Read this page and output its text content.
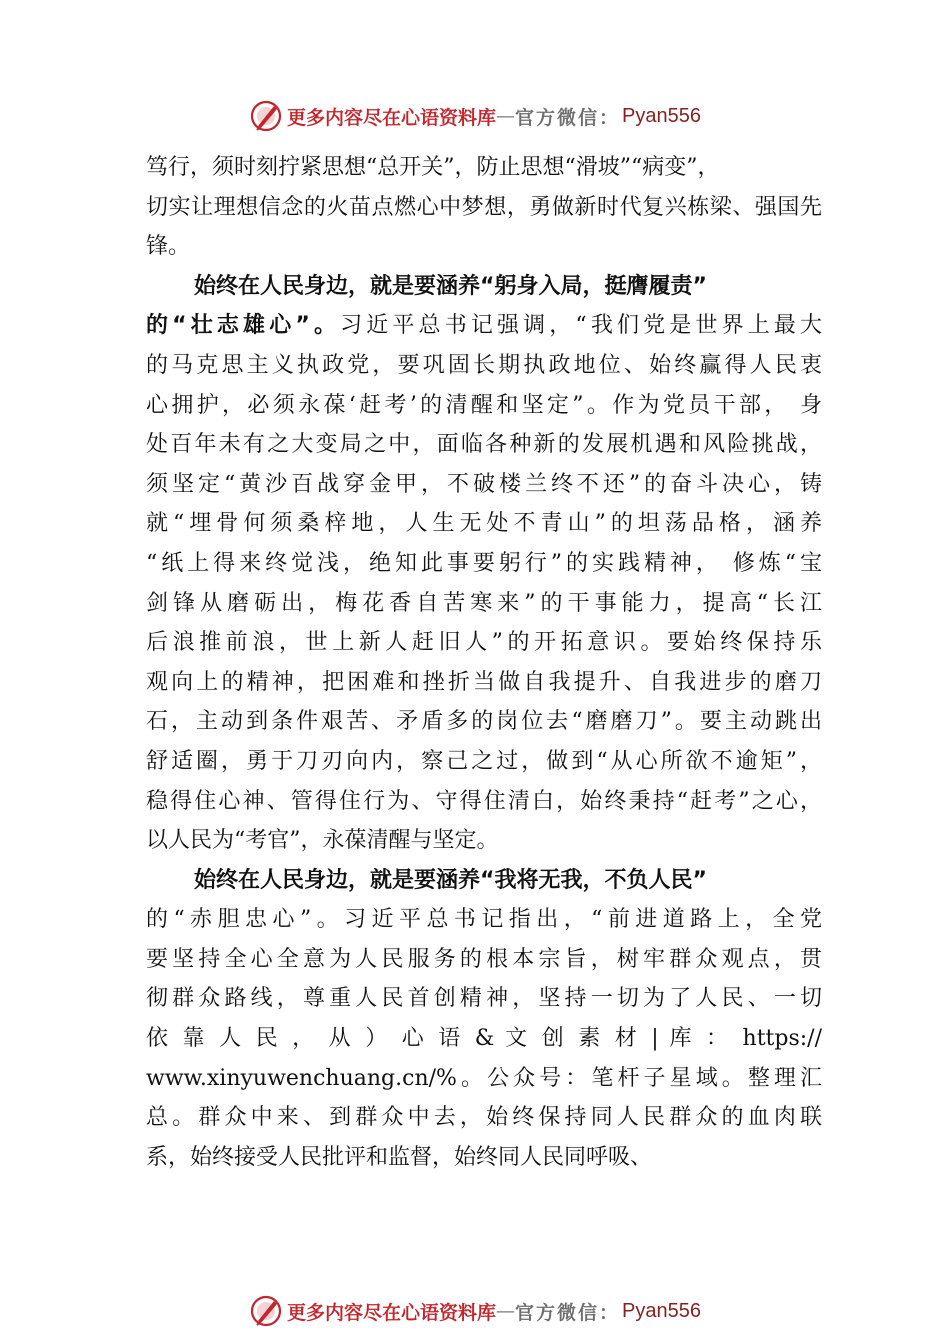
更多内容尽在心语资料库 — 官方微信： Pyan556
笃行，须时刻拧紧思想“总开关”，防止思想“滑坡”“病变”，
切实让理想信念的火苗点燃心中梦想，勇做新时代复兴栋梁、强国先
锋。
始终在人民身边，就是要涵养“躬身入局，挺膺履责”
的“壮志雄心”。习近平总书记强调，“我们党是世界上最大
的马克思主义执政党，要巩固长期执政地位、始终赢得人民衷
心拥护，必须永葆‘赶考’的清醒和坚定”。作为党员干部， 身
处百年未有之大变局之中，面临各种新的发展机遇和风险挑战，
须坚定“黄沙百战穿金甲，不破楼兰终不还”的奋斗决心，铸
就“埋骨何须桑梓地，人生无处不青山”的坦荡品格，涵养
“纸上得来终觉浅，绝知此事要躬行”的实践精神， 修炼“宝
剑锋从磨砺出，梅花香自苦寒来”的干事能力，提高“长江
后浪推前浪，世上新人赶旧人”的开拓意识。要始终保持乐
观向上的精神，把困难和挫折当做自我提升、自我进步的磨刀
石，主动到条件艰苦、矛盾多的岗位去“磨磨刀”。要主动跳出
舒适圈，勇于刀刃向内，察己之过，做到“从心所欲不逾矩”，
稳得住心神、管得住行为、守得住清白，始终秉持“赶考”之心，
以人民为“考官”，永葆清醒与坚定。
始终在人民身边，就是要涵养“我将无我，不负人民”
的“赤胆忠心”。习近平总书记指出，“前进道路上，全党
要坚持全心全意为人民服务的根本宗旨，树牢群众观点，贯
彻群众路线，尊重人民首创精神，坚持一切为了人民、一切
依 靠 人 民 ， 从 ） 心 语 & 文 创 素 材 | 库 ： https://
www.xinyuwenchuang.cn/%。公众号：笔杆子星域。整理汇
总。群众中来、到群众中去，始终保持同人民群众的血肉联
系，始终接受人民批评和监督，始终同人民同呼吸、
更多内容尽在心语资料库 — 官方微信： Pyan556
